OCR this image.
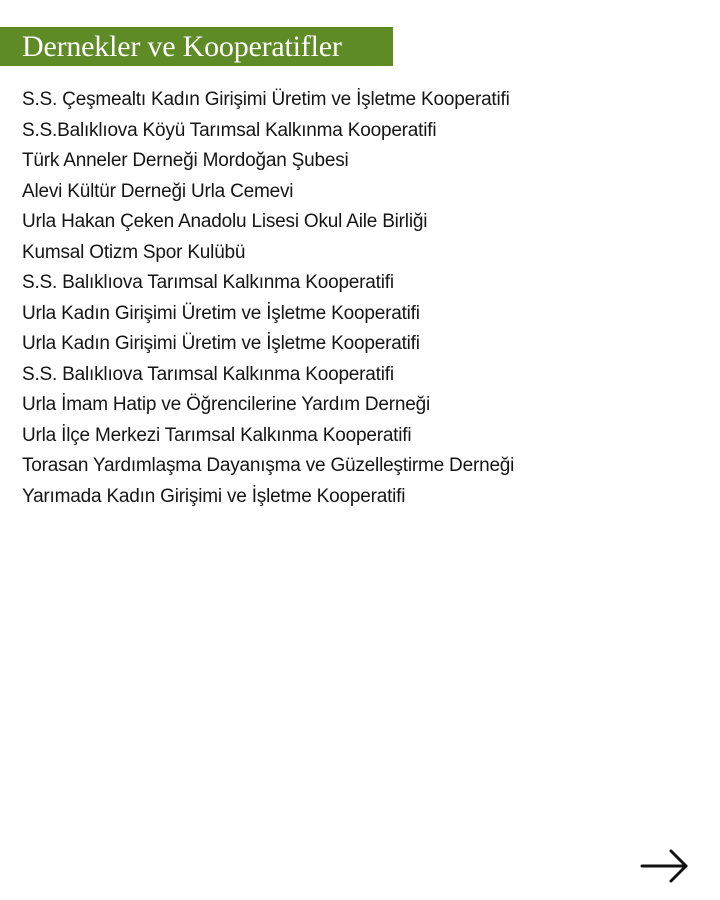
Dernekler ve Kooperatifler
S.S. Çeşmealtı Kadın Girişimi Üretim ve İşletme Kooperatifi
S.S.Balıklıova Köyü Tarımsal Kalkınma Kooperatifi
Türk Anneler Derneği Mordoğan Şubesi
Alevi Kültür Derneği Urla Cemevi
Urla Hakan Çeken Anadolu Lisesi Okul Aile Birliği
Kumsal Otizm Spor Kulübü
S.S. Balıklıova Tarımsal Kalkınma Kooperatifi
Urla Kadın Girişimi Üretim ve İşletme Kooperatifi
Urla Kadın Girişimi Üretim ve İşletme Kooperatifi
S.S. Balıklıova Tarımsal Kalkınma Kooperatifi
Urla İmam Hatip ve Öğrencilerine Yardım Derneği
Urla İlçe Merkezi Tarımsal Kalkınma Kooperatifi
Torasan Yardımlaşma Dayanışma ve Güzelleştirme Derneği
Yarımada Kadın Girişimi ve İşletme Kooperatifi
